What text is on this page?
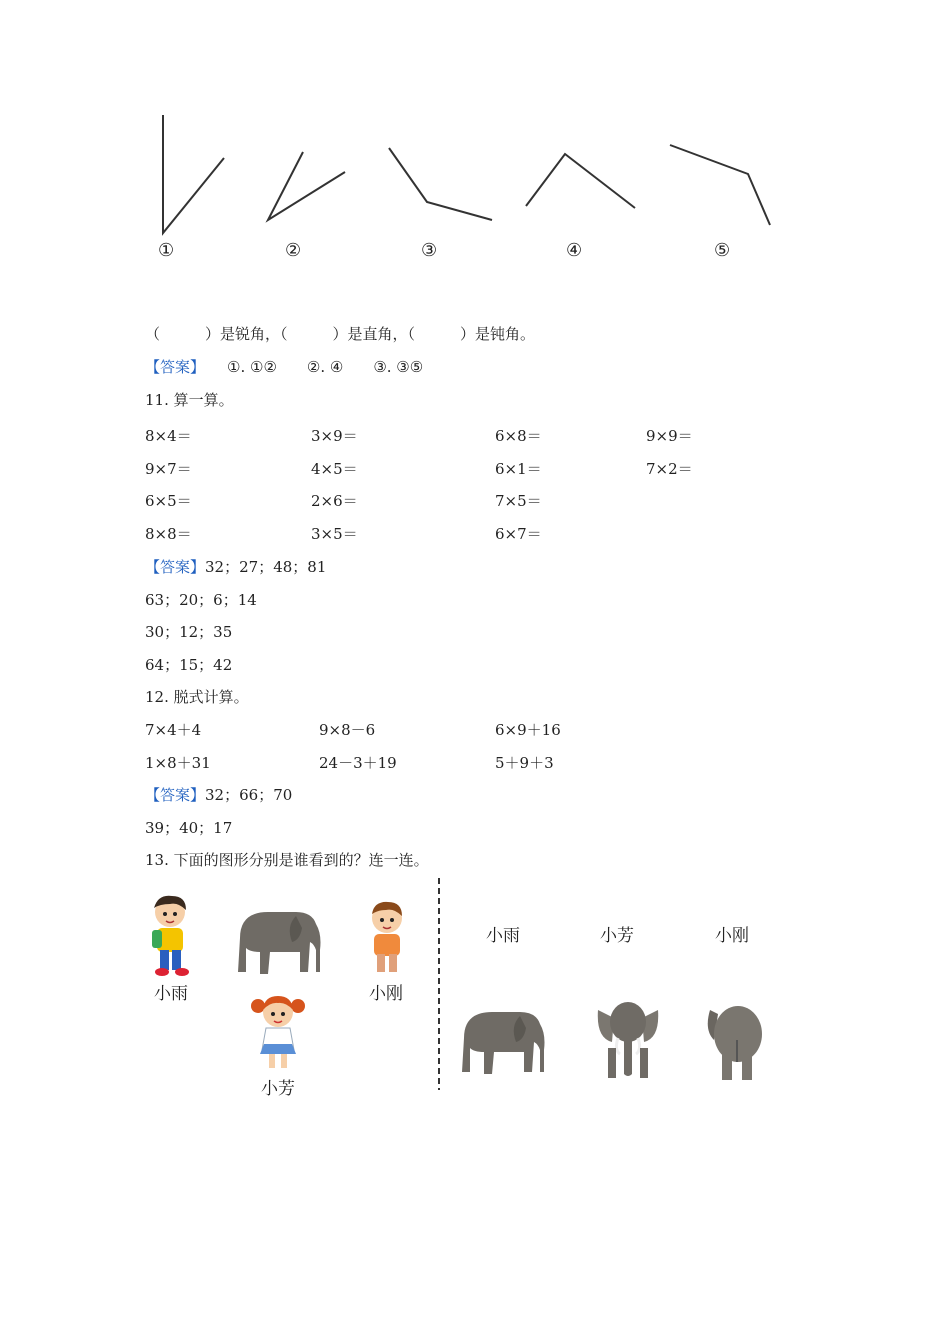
①	②	③	④	⑤
（　　　）是锐角，（　　　）是直角，（　　　）是钝角。
【答案】 ①. ①②　　②. ④　　③. ③⑤
11. 算一算。
8×4＝	3×9＝	6×8＝	9×9＝
9×7＝	4×5＝	6×1＝	7×2＝
6×5＝	2×6＝	7×5＝
8×8＝	3×5＝	6×7＝
【答案】32；27；48；81
63；20；6；14
30；12；35
64；15；42
12. 脱式计算。
7×4＋4	9×8－6	6×9＋16
1×8＋31	24－3＋19	5＋9＋3
【答案】32；66；70
39；40；17
13. 下面的图形分别是谁看到的？连一连。
小雨	小刚
小芳
小雨	小芳	小刚
